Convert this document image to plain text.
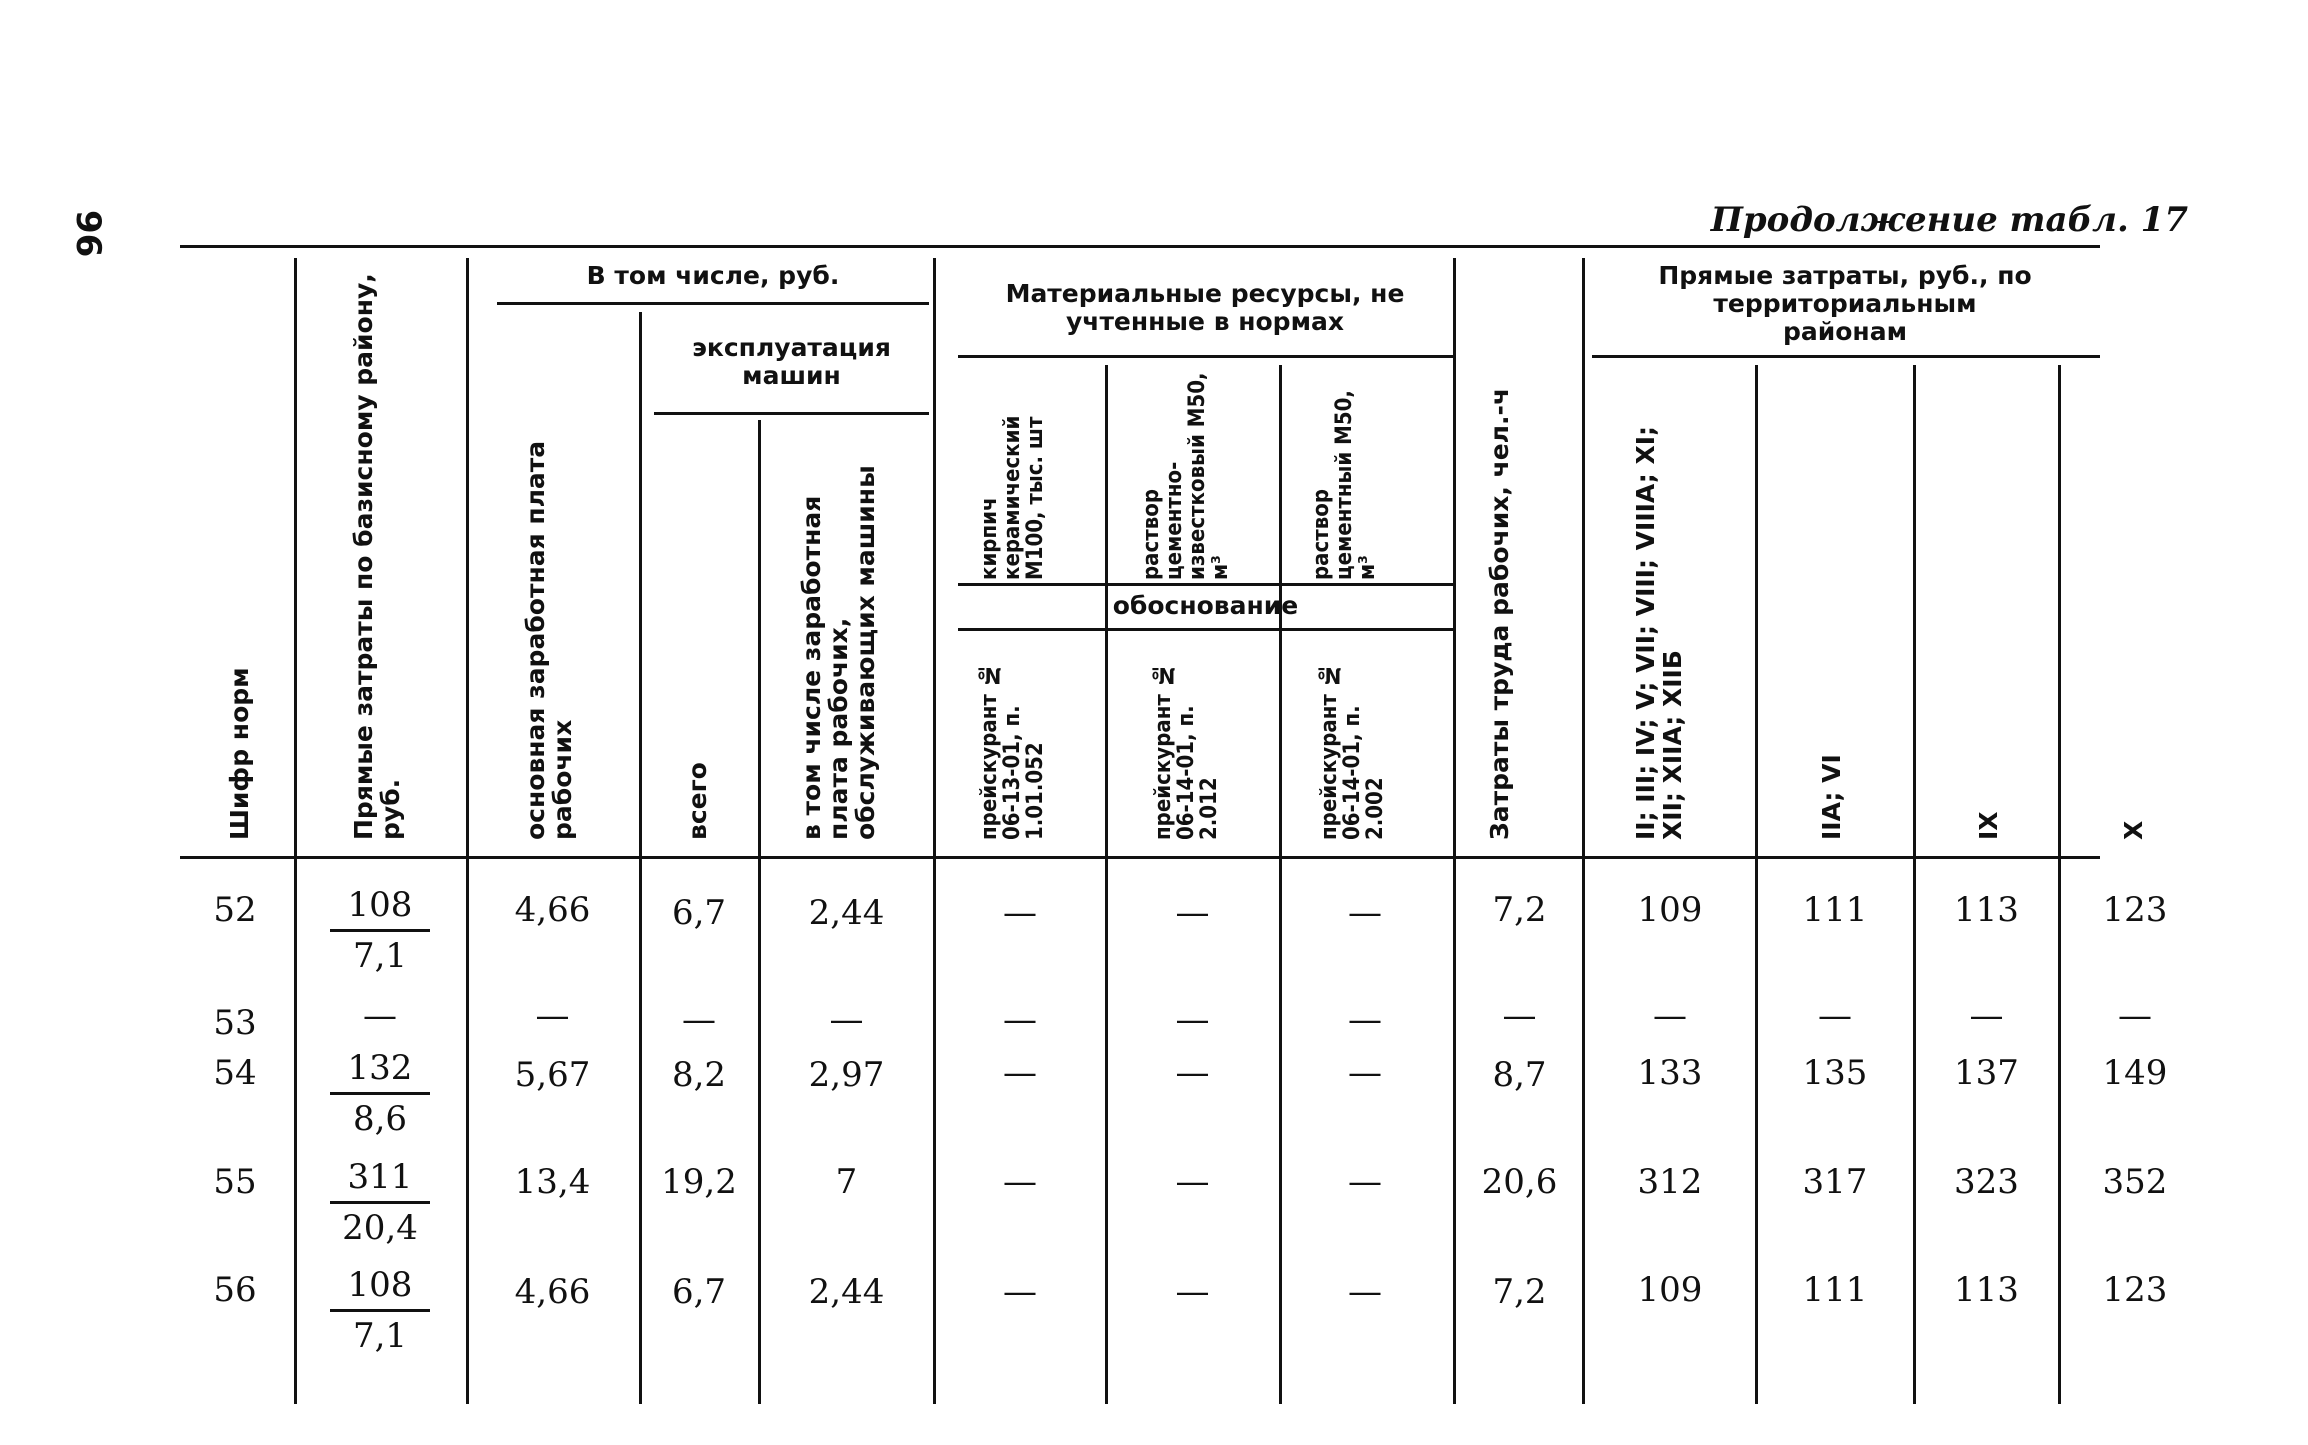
96	Продолжение табл. 17
В том числе, руб.
эксплуатация машин
Материальные ресурсы, не учтенные в нормах
обоснование
Прямые затраты, руб., по территориальным районам
Шифр норм	Прямые затраты по базисному району, руб.	основная заработная плата рабочих	всего	в том числе заработная плата рабочих, обслуживающих машины	кирпич керамический М100, тыс. шт	раствор цементно-известковый М50, м³	раствор цементный М50, м³
прейскурант № 06-13-01, п. 1.01.052	прейскурант № 06-14-01, п. 2.012	прейскурант № 06-14-01, п. 2.002	Затраты труда рабочих, чел.-ч	II; III; IV; V; VII; VIII; VIIIA; XI; XII; XIIA; XIIБ	IIA; VI	IX	X
52	$\frac{108}{7,1}$	4,66	6,7	2,44	—	—	—	7,2	109	111	113	123
53	—	—	—	—	—	—	—	—	—	—	—	—
54	$\frac{132}{8,6}$	5,67	8,2	2,97	—	—	—	8,7	133	135	137	149
55	$\frac{311}{20,4}$	13,4	19,2	7	—	—	—	20,6	312	317	323	352
56	$\frac{108}{7,1}$	4,66	6,7	2,44	—	—	—	7,2	109	111	113	123
